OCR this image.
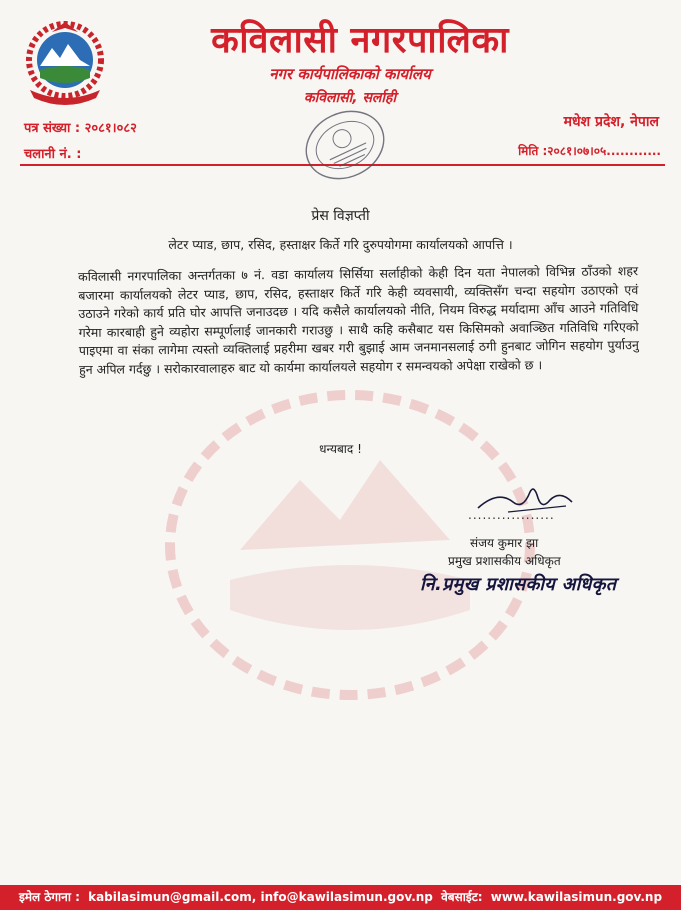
कविलासी नगरपालिका
नगर कार्यपालिकाको कार्यालय
कविलासी, सर्लाही
पत्र संख्या : २०८१।०८२
चलानी नं. :
मधेश प्रदेश, नेपाल
मिति :२०८१।०७।०५............
प्रेस विज्ञप्ती
लेटर प्याड, छाप, रसिद, हस्ताक्षर किर्ते गरि दुरुपयोगमा कार्यालयको आपत्ति ।
कविलासी नगरपालिका अन्तर्गतका ७ नं. वडा कार्यालय सिर्सिया सर्लाहीको केही दिन यता नेपालको विभिन्न ठाँउको शहर बजारमा कार्यालयको लेटर प्याड, छाप, रसिद, हस्ताक्षर किर्ते गरि केही व्यवसायी, व्यक्तिसँग चन्दा सहयोग उठाएको एवं उठाउने गरेको कार्य प्रति घोर आपत्ति जनाउदछ । यदि कसैले कार्यालयको नीति, नियम विरुद्ध मर्यादामा आँच आउने गतिविधि गरेमा कारबाही हुने व्यहोरा सम्पूर्णलाई जानकारी गराउछु । साथै कहि कसैबाट यस किसिमको अवाञ्छित गतिविधि गरिएको पाइएमा वा संका लागेमा त्यस्तो व्यक्तिलाई प्रहरीमा खबर गरी बुझाई आम जनमानसलाई ठगी हुनबाट जोगिन सहयोग पुर्याउनु हुन अपिल गर्दछु । सरोकारवालाहरु बाट यो कार्यमा कार्यालयले सहयोग र समन्वयको अपेक्षा राखेको छ ।
धन्यबाद !
..................
संजय कुमार झा
प्रमुख प्रशासकीय अधिकृत
नि.प्रमुख प्रशासकीय अधिकृत
इमेल ठेगाना : kabilasimun@gmail.com, info@kawilasimun.gov.np वेबसाईट: www.kawilasimun.gov.np
